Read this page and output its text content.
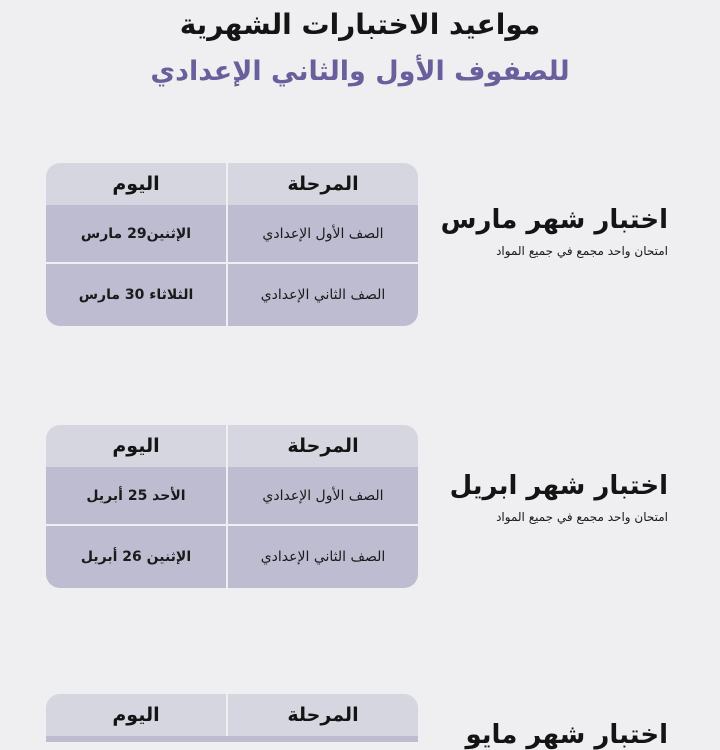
مواعيد الاختبارات الشهرية
للصفوف الأول والثاني الإعدادي
اليوم	المرحلة
الإثنين29 مارس	الصف الأول الإعدادي
الثلاثاء 30 مارس	الصف الثاني الإعدادي
اختبار شهر مارس
امتحان واحد مجمع في جميع المواد
اليوم	المرحلة
الأحد 25 أبريل	الصف الأول الإعدادي
الإثنين 26 أبريل	الصف الثاني الإعدادي
اختبار شهر ابريل
امتحان واحد مجمع في جميع المواد
اليوم	المرحلة
اختبار شهر مايو
